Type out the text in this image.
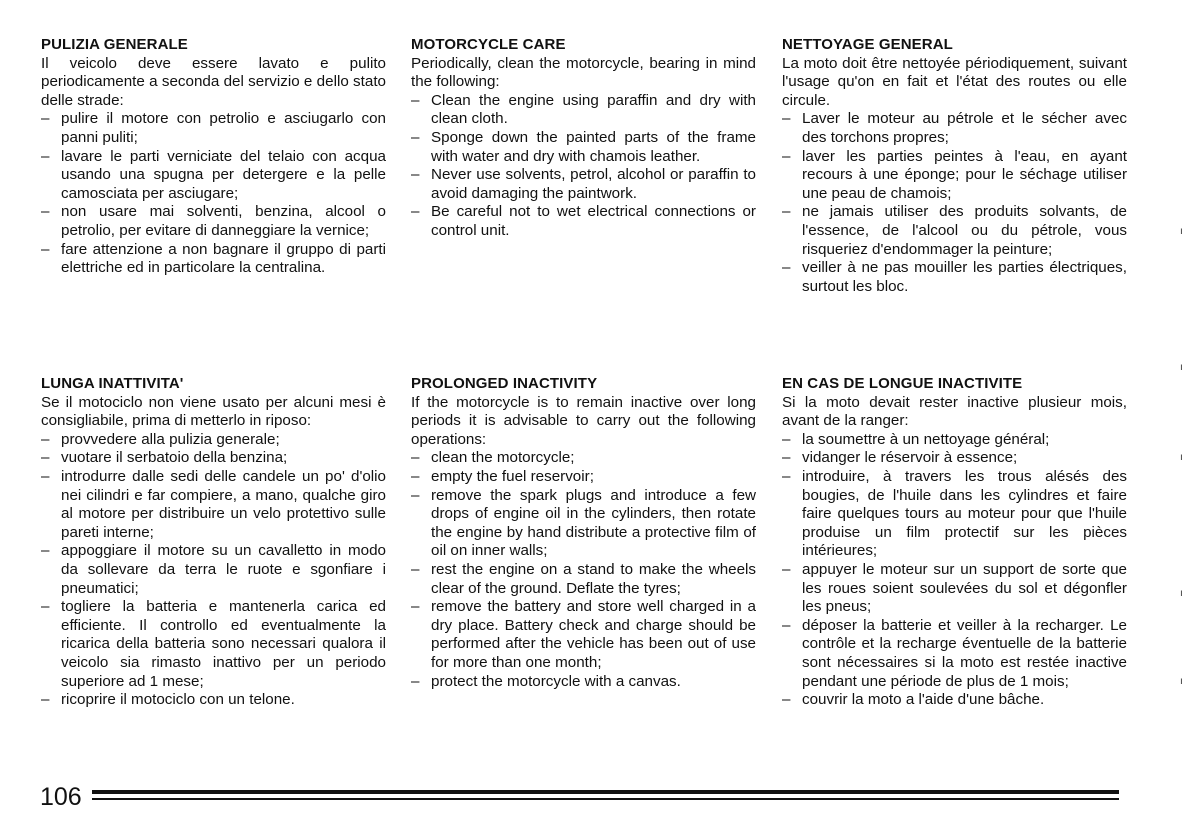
PULIZIA GENERALE

Il veicolo deve essere lavato e pulito periodicamente a seconda del servizio e dello stato delle strade:

– pulire il motore con petrolio e asciugarlo con panni puliti;
– lavare le parti verniciate del telaio con acqua usando una spugna per detergere e la pelle camosciata per asciugare;
– non usare mai solventi, benzina, alcool o petrolio, per evitare di danneggiare la vernice;
– fare attenzione a non bagnare il gruppo di parti elettriche ed in particolare la centralina.

MOTORCYCLE CARE

Periodically, clean the motorcycle, bearing in mind the following:

– Clean the engine using paraffin and dry with clean cloth.
– Sponge down the painted parts of the frame with water and dry with chamois leather.
– Never use solvents, petrol, alcohol or paraffin to avoid damaging the paintwork.
– Be careful not to wet electrical connections or control unit.

NETTOYAGE GENERAL

La moto doit être nettoyée périodiquement, suivant l'usage qu'on en fait et l'état des routes ou elle circule.

– Laver le moteur au pétrole et le sécher avec des torchons propres;
– laver les parties peintes à l'eau, en ayant recours à une éponge; pour le séchage utiliser une peau de chamois;
– ne jamais utiliser des produits solvants, de l'essence, de l'alcool ou du pétrole, vous risqueriez d'endommager la peinture;
– veiller à ne pas mouiller les parties électriques, surtout les bloc.

LUNGA INATTIVITA'

Se il motociclo non viene usato per alcuni mesi è consigliabile, prima di metterlo in riposo:

– provvedere alla pulizia generale;
– vuotare il serbatoio della benzina;
– introdurre dalle sedi delle candele un po' d'olio nei cilindri e far compiere, a mano, qualche giro al motore per distribuire un velo protettivo sulle pareti interne;
– appoggiare il motore su un cavalletto in modo da sollevare da terra le ruote e sgonfiare i pneumatici;
– togliere la batteria e mantenerla carica ed efficiente. Il controllo ed eventualmente la ricarica della batteria sono necessari qualora il veicolo sia rimasto inattivo per un periodo superiore ad 1 mese;
– ricoprire il motociclo con un telone.

PROLONGED INACTIVITY

If the motorcycle is to remain inactive over long periods it is advisable to carry out the following operations:

– clean the motorcycle;
– empty the fuel reservoir;
– remove the spark plugs and introduce a few drops of engine oil in the cylinders, then rotate the engine by hand distribute a protective film of oil on inner walls;
– rest the engine on a stand to make the wheels clear of the ground. Deflate the tyres;
– remove the battery and store well charged in a dry place. Battery check and charge should be performed after the vehicle has been out of use for more than one month;
– protect the motorcycle with a canvas.

EN CAS DE LONGUE INACTIVITE

Si la moto devait rester inactive plusieur mois, avant de la ranger:

– la soumettre à un nettoyage général;
– vidanger le réservoir à essence;
– introduire, à travers les trous alésés des bougies, de l'huile dans les cylindres et faire faire quelques tours au moteur pour que l'huile produise un film protectif sur les pièces intérieures;
– appuyer le moteur sur un support de sorte que les roues soient soulevées du sol et dégonfler les pneus;
– déposer la batterie et veiller à la recharger. Le contrôle et la recharge éventuelle de la batterie sont nécessaires si la moto est restée inactive pendant une période de plus de 1 mois;
– couvrir la moto a l'aide d'une bâche.
106
ı
ı
ı
ı
ı
